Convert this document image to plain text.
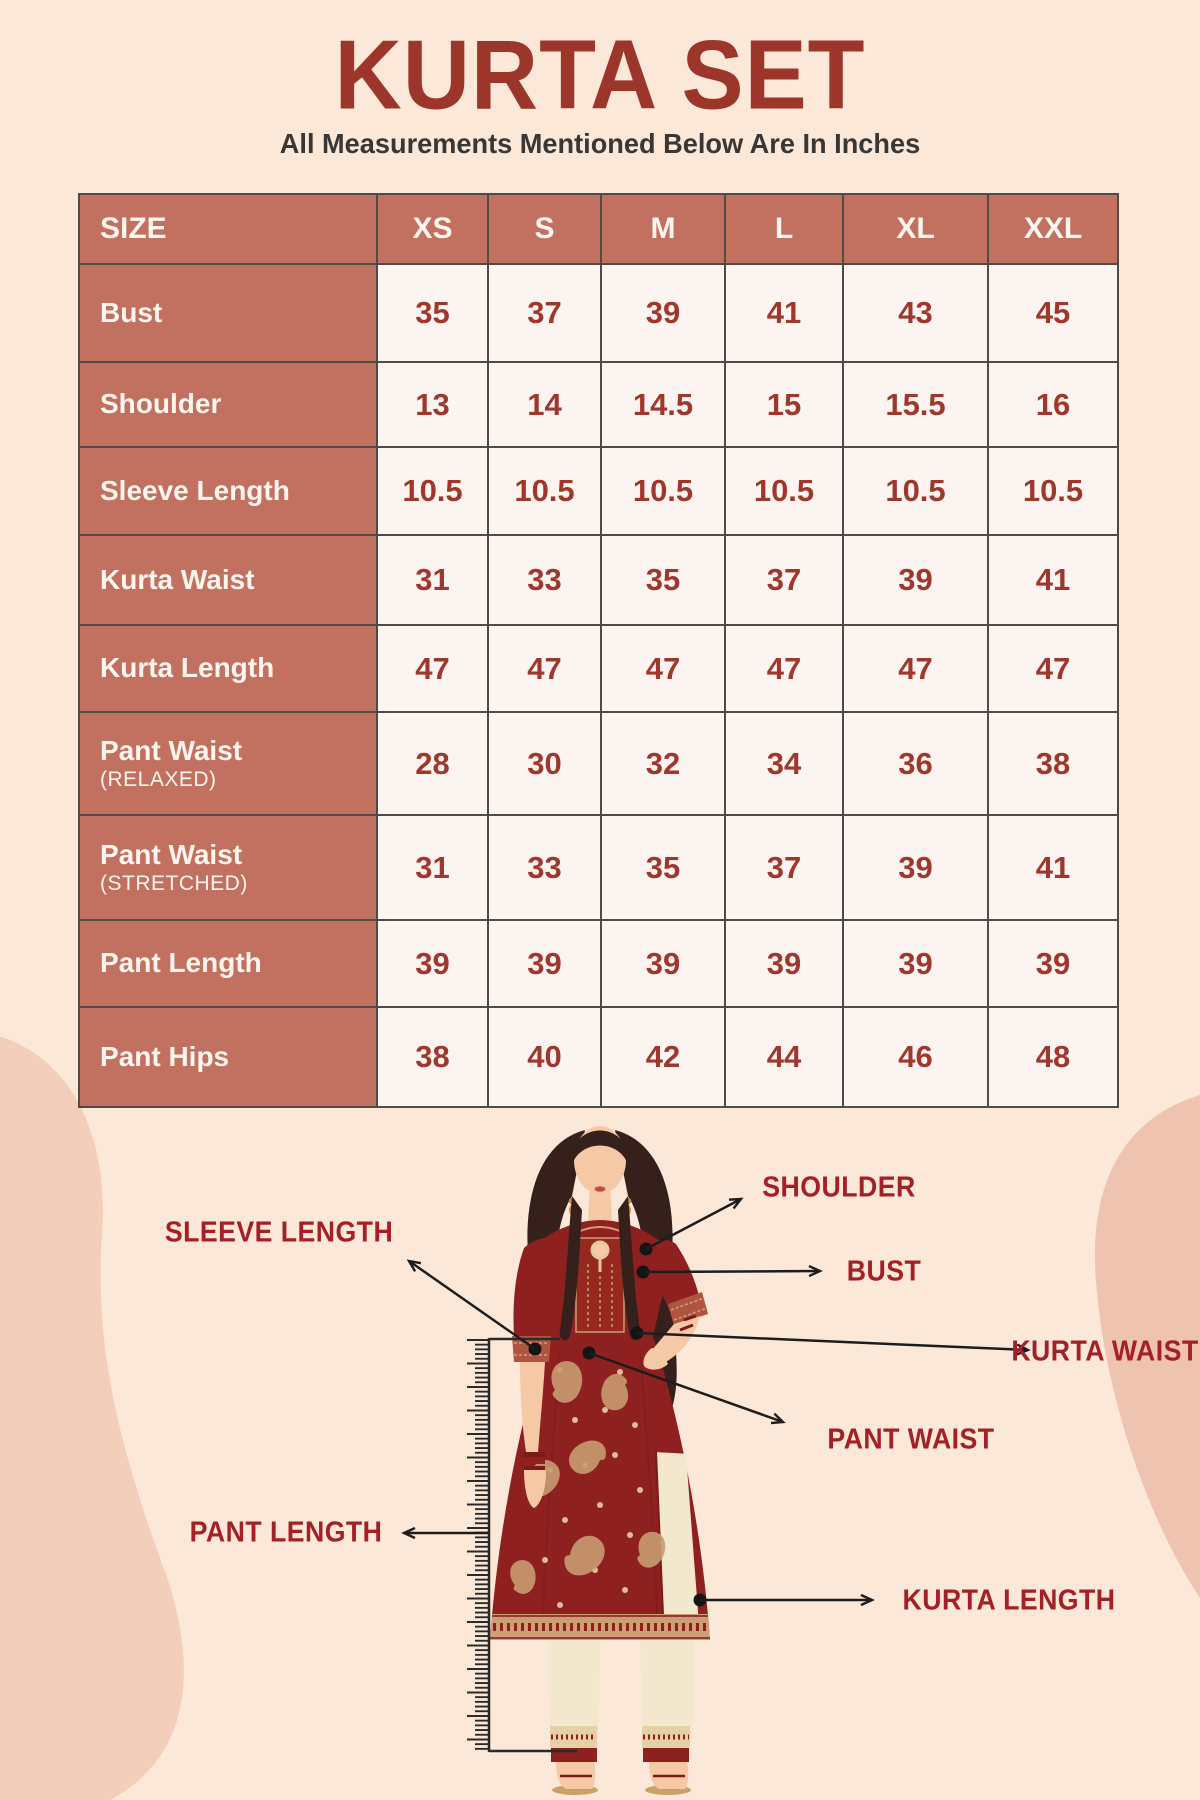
KURTA SET
All Measurements Mentioned Below Are In Inches
SIZE	XS	S	M	L	XL	XXL
Bust	35	37	39	41	43	45
Shoulder	13	14	14.5	15	15.5	16
Sleeve Length	10.5	10.5	10.5	10.5	10.5	10.5
Kurta Waist	31	33	35	37	39	41
Kurta Length	47	47	47	47	47	47
Pant Waist
(RELAXED)	28	30	32	34	36	38
Pant Waist
(STRETCHED)	31	33	35	37	39	41
Pant Length	39	39	39	39	39	39
Pant Hips	38	40	42	44	46	48
SLEEVE LENGTH
SHOULDER
BUST
KURTA WAIST
PANT WAIST
PANT LENGTH
KURTA LENGTH
